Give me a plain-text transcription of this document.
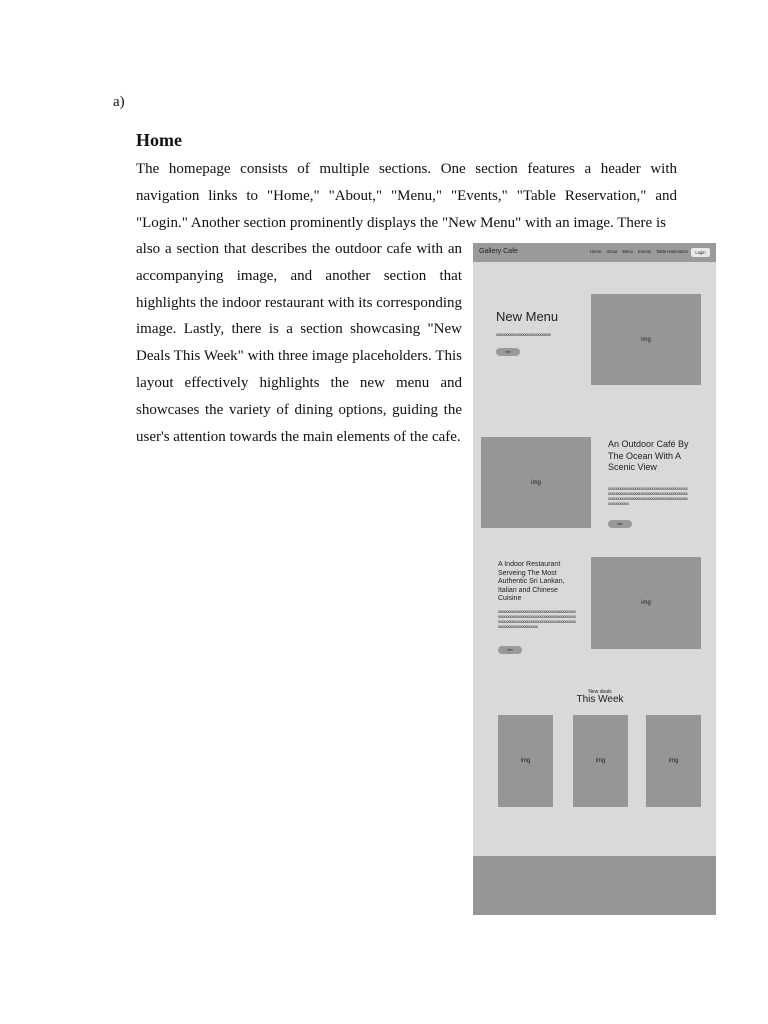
a)
Home
The homepage consists of multiple sections. One section features a header with navigation links to "Home," "About," "Menu," "Events," "Table Reservation," and "Login." Another section prominently displays the "New Menu" with an image. There is
also a section that describes the outdoor cafe with an accompanying image, and another section that highlights the indoor restaurant with its corresponding image. Lastly, there is a section showcasing "New Deals This Week" with three image placeholders. This layout effectively highlights the new menu and showcases the variety of dining options, guiding the user's attention towards the main elements of the cafe.
Gallery Cafe	Home About Menu Events Table reservation	Login
New Menu
xxxxxxxxxxxxxxxxxxxxxxxxxxxxx
btn
img
img
An Outdoor Café By The Ocean With A Scenic View
xxxxxxxxxxxxxxxxxxxxxxxxxxxxxxxxxxxxxxxxxxxxxxxxxxxxxxxxxxxxxxxxxxxxxxxxxxxxxxxxxxxxxxxxxxxxxxxxxxxxxxxxxxxxxxxxxxxxxxxxxxxxxxxxxxxxxxxxx
btn
A Indoor Restaurant Serveing The Most Authentic Sri Lankan, Italian and Chinese Cuisine
xxxxxxxxxxxxxxxxxxxxxxxxxxxxxxxxxxxxxxxxxxxxxxxxxxxxxxxxxxxxxxxxxxxxxxxxxxxxxxxxxxxxxxxxxxxxxxxxxxxxxxxxxxxxxxxxxxxxxxxxxxxxxxxxxxxxxxxxxxxxxxxx
btn
img
New deals
This Week
img	img	img
